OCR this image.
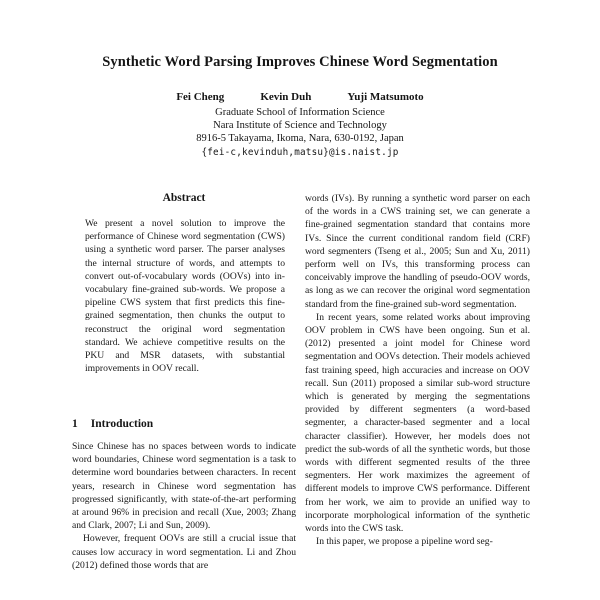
Synthetic Word Parsing Improves Chinese Word Segmentation
Fei Cheng	Kevin Duh	Yuji Matsumoto
Graduate School of Information Science
Nara Institute of Science and Technology
8916-5 Takayama, Ikoma, Nara, 630-0192, Japan
{fei-c,kevinduh,matsu}@is.naist.jp
Abstract

We present a novel solution to improve the performance of Chinese word segmentation (CWS) using a synthetic word parser. The parser analyses the internal structure of words, and attempts to convert out-of-vocabulary words (OOVs) into in-vocabulary fine-grained sub-words. We propose a pipeline CWS system that first predicts this fine-grained segmentation, then chunks the output to reconstruct the original word segmentation standard. We achieve competitive results on the PKU and MSR datasets, with substantial improvements in OOV recall.

1 Introduction

Since Chinese has no spaces between words to indicate word boundaries, Chinese word segmentation is a task to determine word boundaries between characters. In recent years, research in Chinese word segmentation has progressed significantly, with state-of-the-art performing at around 96% in precision and recall (Xue, 2003; Zhang and Clark, 2007; Li and Sun, 2009).

However, frequent OOVs are still a crucial issue that causes low accuracy in word segmentation. Li and Zhou (2012) defined those words that are

words (IVs). By running a synthetic word parser on each of the words in a CWS training set, we can generate a fine-grained segmentation standard that contains more IVs. Since the current conditional random field (CRF) word segmenters (Tseng et al., 2005; Sun and Xu, 2011) perform well on IVs, this transforming process can conceivably improve the handling of pseudo-OOV words, as long as we can recover the original word segmentation standard from the fine-grained sub-word segmentation.

In recent years, some related works about improving OOV problem in CWS have been ongoing. Sun et al. (2012) presented a joint model for Chinese word segmentation and OOVs detection. Their models achieved fast training speed, high accuracies and increase on OOV recall. Sun (2011) proposed a similar sub-word structure which is generated by merging the segmentations provided by different segmenters (a word-based segmenter, a character-based segmenter and a local character classifier). However, her models does not predict the sub-words of all the synthetic words, but those words with different segmented results of the three segmenters. Her work maximizes the agreement of different models to improve CWS performance. Different from her work, we aim to provide an unified way to incorporate morphological information of the synthetic words into the CWS task.

In this paper, we propose a pipeline word seg-
